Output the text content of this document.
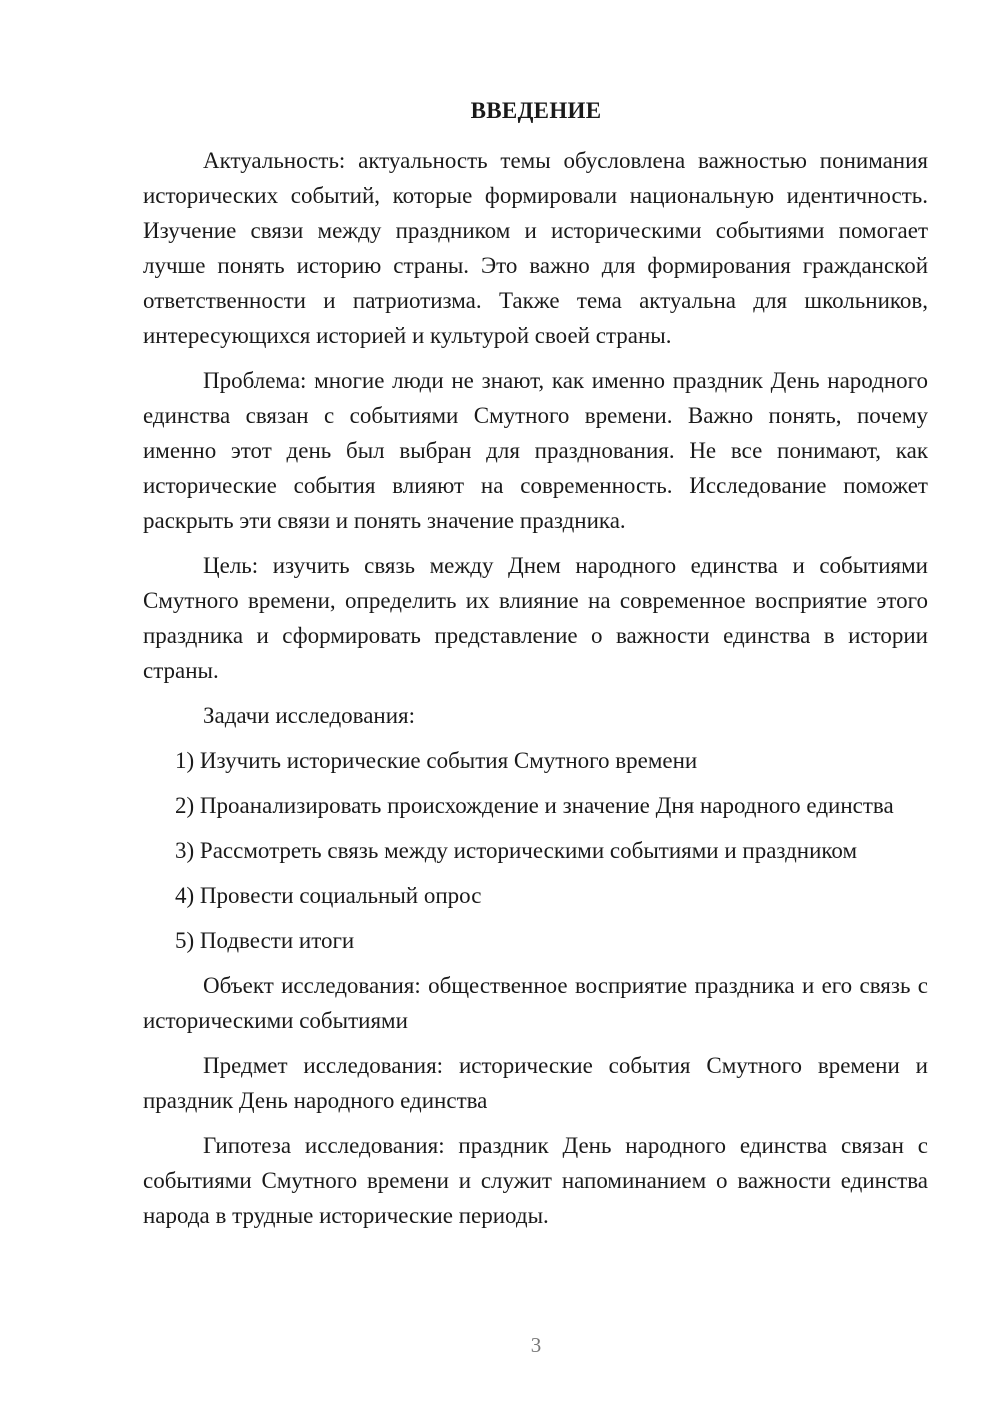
ВВЕДЕНИЕ

Актуальность: актуальность темы обусловлена важностью понимания исторических событий, которые формировали национальную идентичность. Изучение связи между праздником и историческими событиями помогает лучше понять историю страны. Это важно для формирования гражданской ответственности и патриотизма. Также тема актуальна для школьников, интересующихся историей и культурой своей страны.

Проблема: многие люди не знают, как именно праздник День народного единства связан с событиями Смутного времени. Важно понять, почему именно этот день был выбран для празднования. Не все понимают, как исторические события влияют на современность. Исследование поможет раскрыть эти связи и понять значение праздника.

Цель: изучить связь между Днем народного единства и событиями Смутного времени, определить их влияние на современное восприятие этого праздника и сформировать представление о важности единства в истории страны.

Задачи исследования:

1) Изучить исторические события Смутного времени

2) Проанализировать происхождение и значение Дня народного единства

3) Рассмотреть связь между историческими событиями и праздником

4) Провести социальный опрос

5) Подвести итоги

Объект исследования: общественное восприятие праздника и его связь с историческими событиями

Предмет исследования: исторические события Смутного времени и праздник День народного единства

Гипотеза исследования: праздник День народного единства связан с событиями Смутного времени и служит напоминанием о важности единства народа в трудные исторические периоды.

3
